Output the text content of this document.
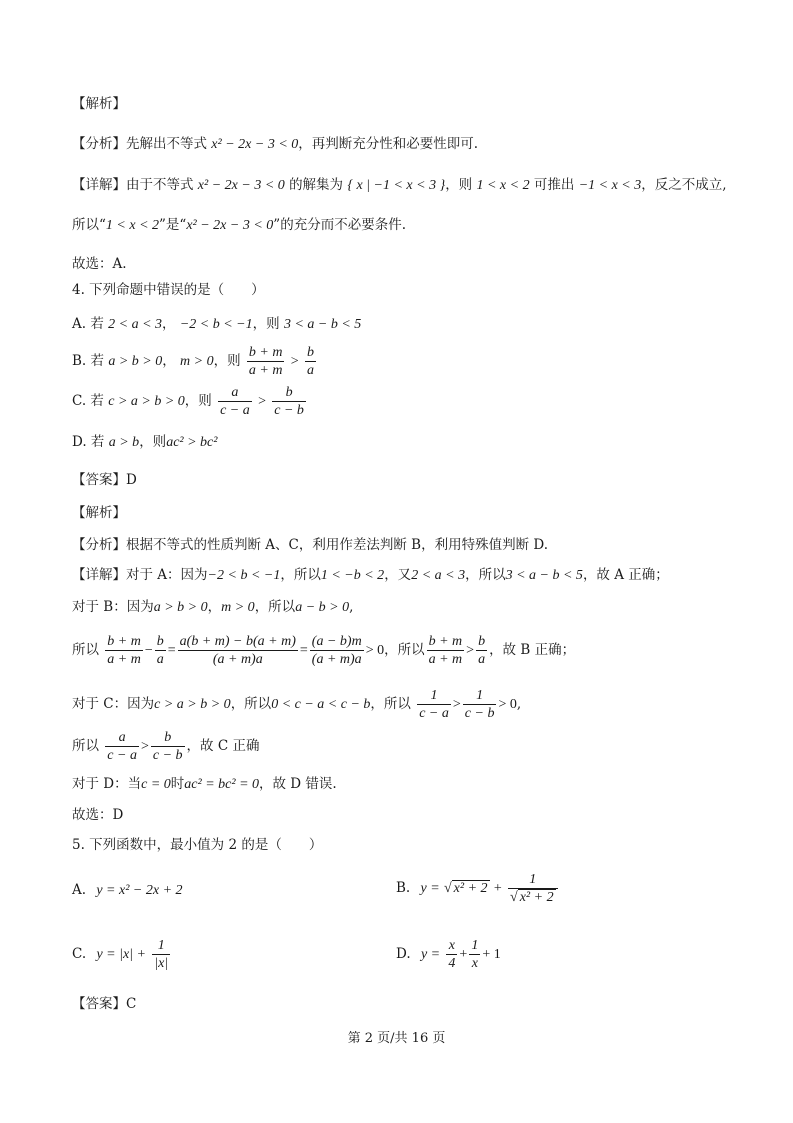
【解析】
【分析】先解出不等式 x² − 2x − 3 < 0，再判断充分性和必要性即可.
【详解】由于不等式 x² − 2x − 3 < 0 的解集为 { x | −1 < x < 3 }，则 1 < x < 2 可推出 −1 < x < 3，反之不成立,
所以“1 < x < 2”是“x² − 2x − 3 < 0”的充分而不必要条件.
故选：A.
4. 下列命题中错误的是（　　）
A. 若 2 < a < 3， −2 < b < −1，则 3 < a − b < 5
B. 若 a > b > 0， m > 0，则 $\frac{b + m}{a + m} > \frac{b}{a}$
C. 若 c > a > b > 0，则 $\frac{a}{c - a} > \frac{b}{c - b}$
D. 若 a > b，则ac² > bc²
【答案】D
【解析】
【分析】根据不等式的性质判断 A、C，利用作差法判断 B，利用特殊值判断 D.
【详解】对于 A：因为−2 < b < −1，所以1 < −b < 2，又2 < a < 3，所以3 < a − b < 5，故 A 正确；
对于 B：因为a > b > 0，m > 0，所以a − b > 0,
所以 $\frac{b + m}{a + m} - \frac{b}{a} = \frac{a(b + m) - b(a + m)}{(a + m)a} = \frac{(a - b)m}{(a + m)a} > 0$，所以 $\frac{b + m}{a + m} > \frac{b}{a}$ ，故 B 正确；
对于 C：因为c > a > b > 0，所以0 < c − a < c − b，所以 $\frac{1}{c - a} > \frac{1}{c - b} > 0$,
所以 $\frac{a}{c - a} > \frac{b}{c - b}$ ，故 C 正确
对于 D：当c = 0时ac² = bc² = 0，故 D 错误.
故选：D
5. 下列函数中，最小值为 2 的是（　　）
A. y = x² − 2x + 2	B. y = √ $x^2 + 2 + \frac{1}{\text{√ x² + 2}}$
C. $y = |x| + \frac{1}{|x|}$	D. $y = \frac{x}{4} + \frac{1}{x} + 1$
【答案】C
第 2 页/共 16 页
